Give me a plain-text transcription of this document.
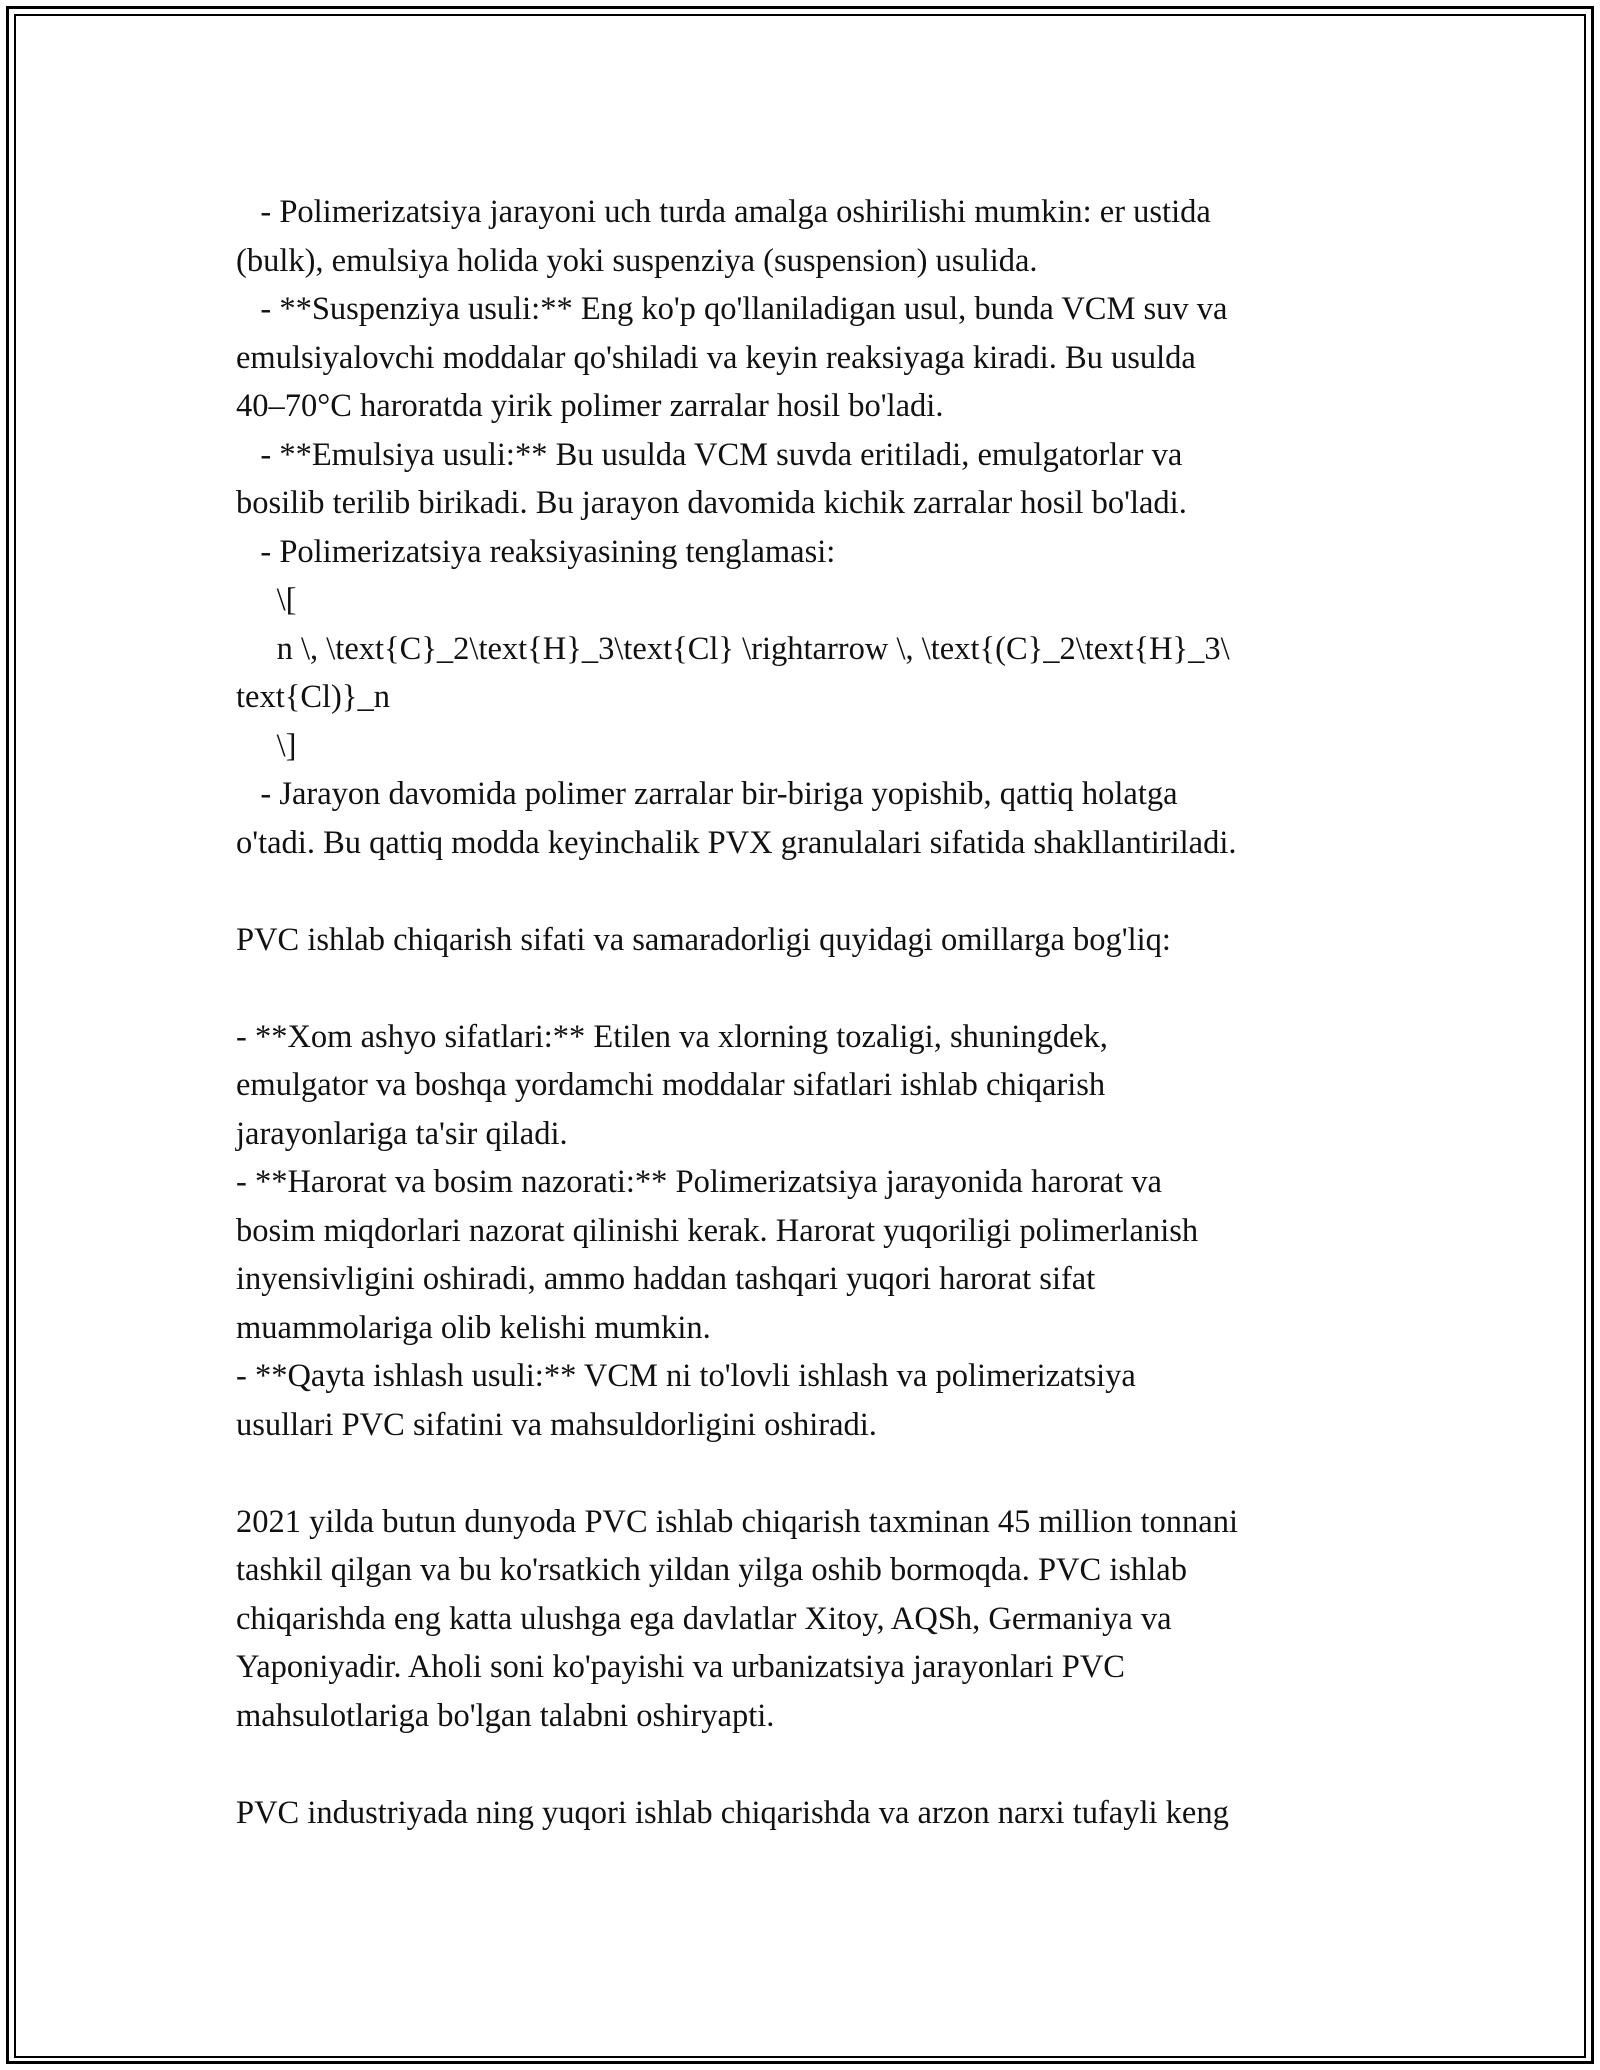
- Polimerizatsiya jarayoni uch turda amalga oshirilishi mumkin: er ustida
(bulk), emulsiya holida yoki suspenziya (suspension) usulida.
- **Suspenziya usuli:** Eng ko'p qo'llaniladigan usul, bunda VCM suv va
emulsiyalovchi moddalar qo'shiladi va keyin reaksiyaga kiradi. Bu usulda
40–70°C haroratda yirik polimer zarralar hosil bo'ladi.
- **Emulsiya usuli:** Bu usulda VCM suvda eritiladi, emulgatorlar va
bosilib terilib birikadi. Bu jarayon davomida kichik zarralar hosil bo'ladi.
- Polimerizatsiya reaksiyasining tenglamasi:
\[
n \, \text{C}_2\text{H}_3\text{Cl} \rightarrow \, \text{(C}_2\text{H}_3\
text{Cl)}_n
\]
- Jarayon davomida polimer zarralar bir-biriga yopishib, qattiq holatga
o'tadi. Bu qattiq modda keyinchalik PVX granulalari sifatida shakllantiriladi.
PVC ishlab chiqarish sifati va samaradorligi quyidagi omillarga bog'liq:
- **Xom ashyo sifatlari:** Etilen va xlorning tozaligi, shuningdek,
emulgator va boshqa yordamchi moddalar sifatlari ishlab chiqarish
jarayonlariga ta'sir qiladi.
- **Harorat va bosim nazorati:** Polimerizatsiya jarayonida harorat va
bosim miqdorlari nazorat qilinishi kerak. Harorat yuqoriligi polimerlanish
inyensivligini oshiradi, ammo haddan tashqari yuqori harorat sifat
muammolariga olib kelishi mumkin.
- **Qayta ishlash usuli:** VCM ni to'lovli ishlash va polimerizatsiya
usullari PVC sifatini va mahsuldorligini oshiradi.
2021 yilda butun dunyoda PVC ishlab chiqarish taxminan 45 million tonnani
tashkil qilgan va bu ko'rsatkich yildan yilga oshib bormoqda. PVC ishlab
chiqarishda eng katta ulushga ega davlatlar Xitoy, AQSh, Germaniya va
Yaponiyadir. Aholi soni ko'payishi va urbanizatsiya jarayonlari PVC
mahsulotlariga bo'lgan talabni oshiryapti.
PVC industriyada ning yuqori ishlab chiqarishda va arzon narxi tufayli keng
